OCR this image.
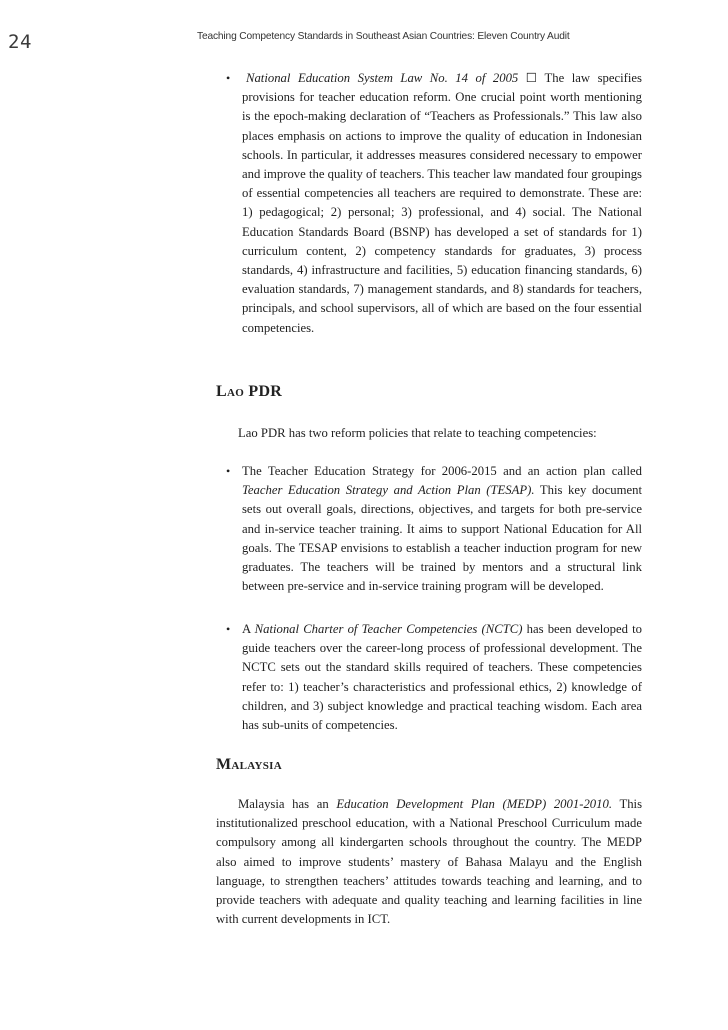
24	Teaching Competency Standards in Southeast Asian Countries: Eleven Country Audit
•	National Education System Law No. 14 of 2005 ☐ The law specifies provisions for teacher education reform. One crucial point worth mentioning is the epoch-making declaration of “Teachers as Professionals.” This law also places emphasis on actions to improve the quality of education in Indonesian schools. In particular, it addresses measures considered necessary to empower and improve the quality of teachers. This teacher law mandated four groupings of essential competencies all teachers are required to demonstrate. These are: 1) pedagogical; 2) personal; 3) professional, and 4) social. The National Education Standards Board (BSNP) has developed a set of standards for 1) curriculum content, 2) competency standards for graduates, 3) process standards, 4) infrastructure and facilities, 5) education financing standards, 6) evaluation standards, 7) management standards, and 8) standards for teachers, principals, and school supervisors, all of which are based on the four essential competencies.
Lao PDR
Lao PDR has two reform policies that relate to teaching competencies:
• The Teacher Education Strategy for 2006-2015 and an action plan called Teacher Education Strategy and Action Plan (TESAP). This key document sets out overall goals, directions, objectives, and targets for both pre-service and in-service teacher training. It aims to support National Education for All goals. The TESAP envisions to establish a teacher induction program for new graduates. The teachers will be trained by mentors and a structural link between pre-service and in-service training program will be developed.
• A National Charter of Teacher Competencies (NCTC) has been developed to guide teachers over the career-long process of professional development. The NCTC sets out the standard skills required of teachers. These competencies refer to: 1) teacher’s characteristics and professional ethics, 2) knowledge of children, and 3) subject knowledge and practical teaching wisdom. Each area has sub-units of competencies.
Malaysia
Malaysia has an Education Development Plan (MEDP) 2001-2010. This institutionalized preschool education, with a National Preschool Curriculum made compulsory among all kindergarten schools throughout the country. The MEDP also aimed to improve students’ mastery of Bahasa Malayu and the English language, to strengthen teachers’ attitudes towards teaching and learning, and to provide teachers with adequate and quality teaching and learning facilities in line with current developments in ICT.
